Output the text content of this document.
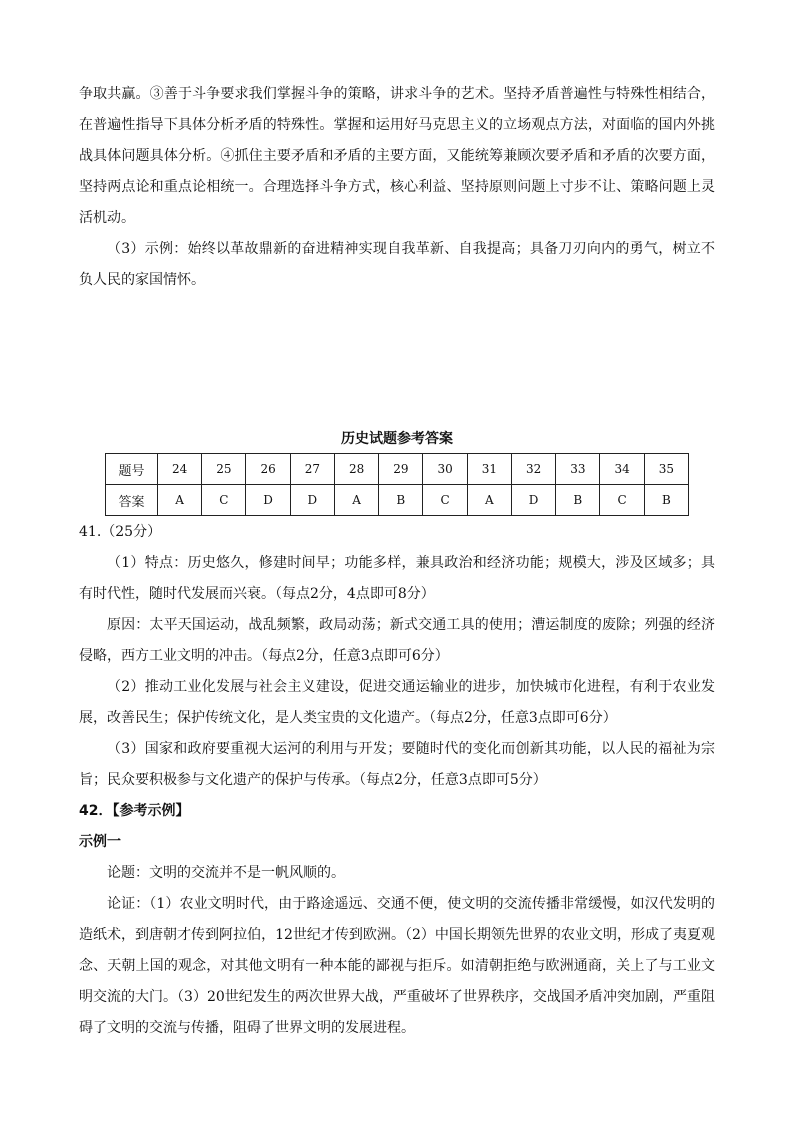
争取共赢。③善于斗争要求我们掌握斗争的策略，讲求斗争的艺术。坚持矛盾普遍性与特殊性相结合，在普遍性指导下具体分析矛盾的特殊性。掌握和运用好马克思主义的立场观点方法，对面临的国内外挑战具体问题具体分析。④抓住主要矛盾和矛盾的主要方面，又能统筹兼顾次要矛盾和矛盾的次要方面，坚持两点论和重点论相统一。合理选择斗争方式，核心利益、坚持原则问题上寸步不让、策略问题上灵活机动。

（3）示例：始终以革故鼎新的奋进精神实现自我革新、自我提高；具备刀刃向内的勇气，树立不负人民的家国情怀。

历史试题参考答案
题号	24	25	26	27	28	29	30	31	32	33	34	35
答案	A	C	D	D	A	B	C	A	D	B	C	B

41.（25分）

（1）特点：历史悠久，修建时间早；功能多样，兼具政治和经济功能；规模大，涉及区域多；具有时代性，随时代发展而兴衰。（每点2分，4点即可8分）

原因：太平天国运动，战乱频繁，政局动荡；新式交通工具的使用；漕运制度的废除；列强的经济侵略，西方工业文明的冲击。（每点2分，任意3点即可6分）

（2）推动工业化发展与社会主义建设，促进交通运输业的进步，加快城市化进程，有利于农业发展，改善民生；保护传统文化，是人类宝贵的文化遗产。（每点2分，任意3点即可6分）

（3）国家和政府要重视大运河的利用与开发；要随时代的变化而创新其功能，以人民的福祉为宗旨；民众要积极参与文化遗产的保护与传承。（每点2分，任意3点即可5分）

42．【参考示例】

示例一

论题：文明的交流并不是一帆风顺的。

论证：（1）农业文明时代，由于路途遥远、交通不便，使文明的交流传播非常缓慢，如汉代发明的造纸术，到唐朝才传到阿拉伯，12世纪才传到欧洲。（2）中国长期领先世界的农业文明，形成了夷夏观念、天朝上国的观念，对其他文明有一种本能的鄙视与拒斥。如清朝拒绝与欧洲通商，关上了与工业文明交流的大门。（3）20世纪发生的两次世界大战，严重破坏了世界秩序，交战国矛盾冲突加剧，严重阻碍了文明的交流与传播，阻碍了世界文明的发展进程。
